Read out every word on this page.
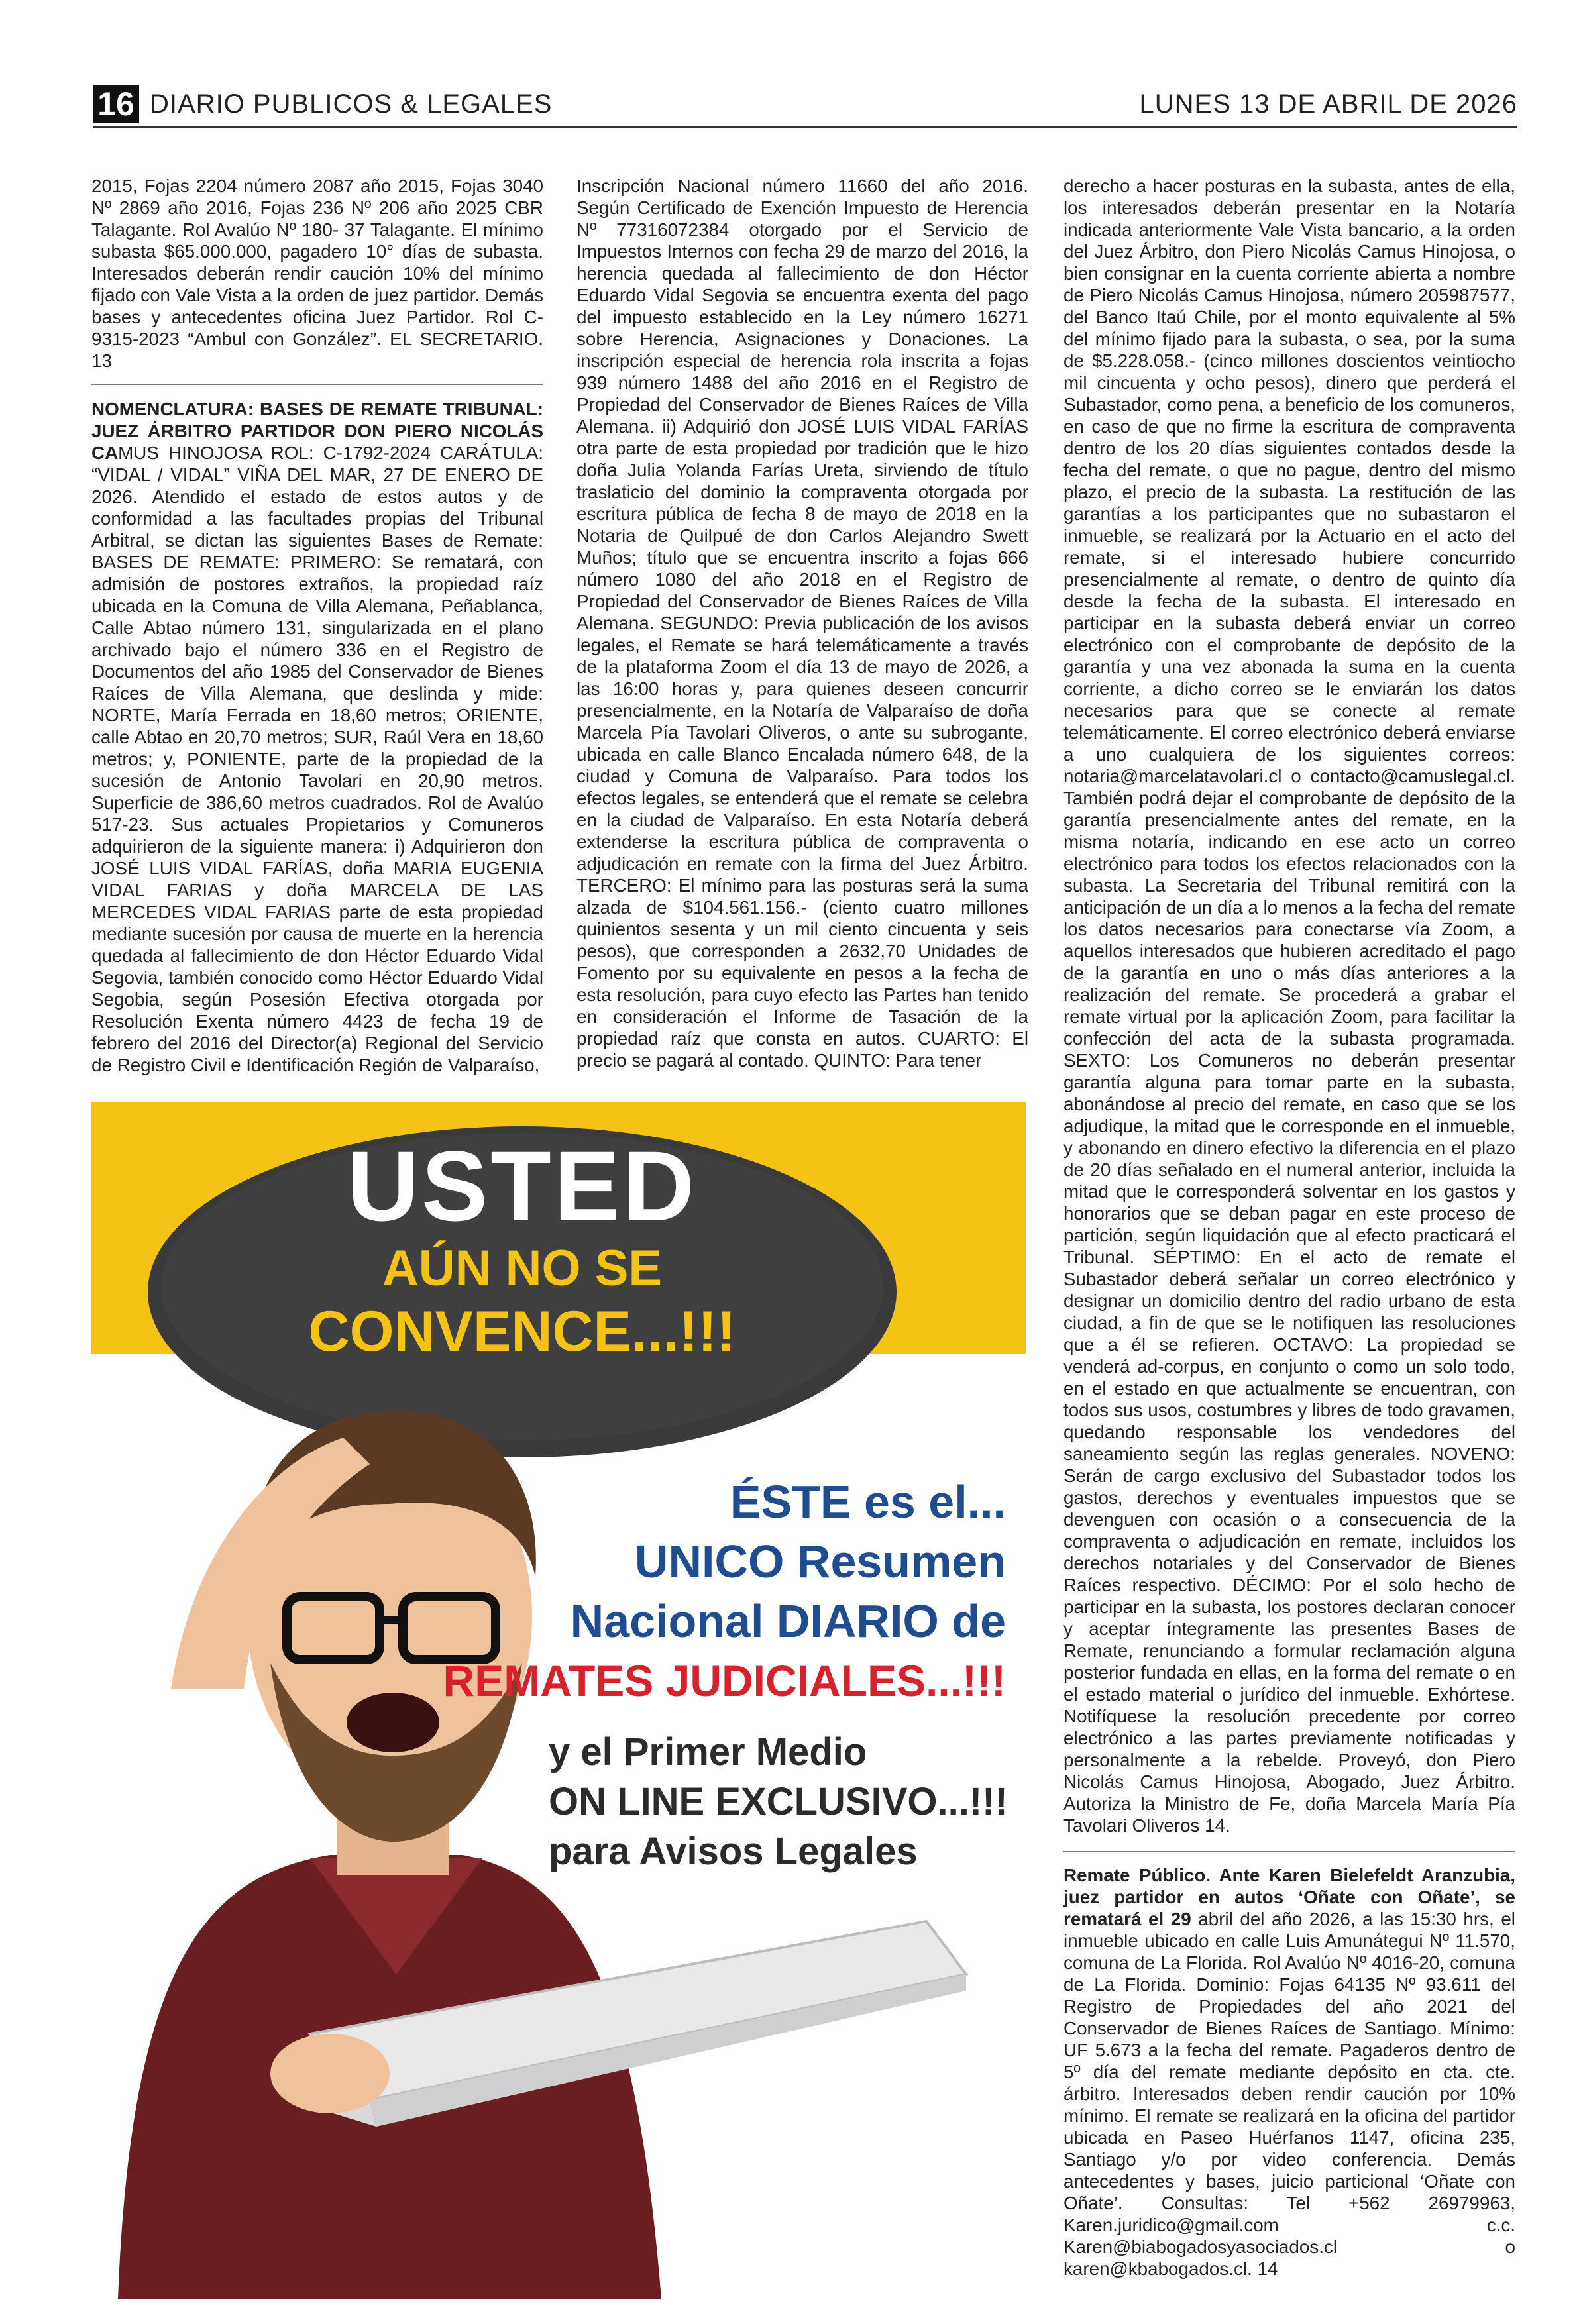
16 DIARIO PUBLICOS & LEGALES	LUNES 13 DE ABRIL DE 2026

2015, Fojas 2204 número 2087 año 2015, Fojas 3040 Nº 2869 año 2016, Fojas 236 Nº 206 año 2025 CBR Talagante. Rol Avalúo Nº 180- 37 Talagante. El mínimo subasta $65.000.000, pagadero 10° días de subasta. Interesados deberán rendir caución 10% del mínimo fijado con Vale Vista a la orden de juez partidor. Demás bases y antecedentes oficina Juez Partidor. Rol C-9315-2023 “Ambul con González”. EL SECRETARIO. 13

NOMENCLATURA: BASES DE REMATE TRIBUNAL: JUEZ ÁRBITRO PARTIDOR DON PIERO NICOLÁS CAMUS HINOJOSA ROL: C-1792-2024 CARÁTULA: “VIDAL / VIDAL” VIÑA DEL MAR, 27 DE ENERO DE 2026. Atendido el estado de estos autos y de conformidad a las facultades propias del Tribunal Arbitral, se dictan las siguientes Bases de Remate: BASES DE REMATE: PRIMERO: Se rematará, con admisión de postores extraños, la propiedad raíz ubicada en la Comuna de Villa Alemana, Peñablanca, Calle Abtao número 131, singularizada en el plano archivado bajo el número 336 en el Registro de Documentos del año 1985 del Conservador de Bienes Raíces de Villa Alemana, que deslinda y mide: NORTE, María Ferrada en 18,60 metros; ORIENTE, calle Abtao en 20,70 metros; SUR, Raúl Vera en 18,60 metros; y, PONIENTE, parte de la propiedad de la sucesión de Antonio Tavolari en 20,90 metros. Superficie de 386,60 metros cuadrados. Rol de Avalúo 517-23. Sus actuales Propietarios y Comuneros adquirieron de la siguiente manera: i) Adquirieron don JOSÉ LUIS VIDAL FARÍAS, doña MARIA EUGENIA VIDAL FARIAS y doña MARCELA DE LAS MERCEDES VIDAL FARIAS parte de esta propiedad mediante sucesión por causa de muerte en la herencia quedada al fallecimiento de don Héctor Eduardo Vidal Segovia, también conocido como Héctor Eduardo Vidal Segobia, según Posesión Efectiva otorgada por Resolución Exenta número 4423 de fecha 19 de febrero del 2016 del Director(a) Regional del Servicio de Registro Civil e Identificación Región de Valparaíso,

Inscripción Nacional número 11660 del año 2016. Según Certificado de Exención Impuesto de Herencia Nº 77316072384 otorgado por el Servicio de Impuestos Internos con fecha 29 de marzo del 2016, la herencia quedada al fallecimiento de don Héctor Eduardo Vidal Segovia se encuentra exenta del pago del impuesto establecido en la Ley número 16271 sobre Herencia, Asignaciones y Donaciones. La inscripción especial de herencia rola inscrita a fojas 939 número 1488 del año 2016 en el Registro de Propiedad del Conservador de Bienes Raíces de Villa Alemana. ii) Adquirió don JOSÉ LUIS VIDAL FARÍAS otra parte de esta propiedad por tradición que le hizo doña Julia Yolanda Farías Ureta, sirviendo de título traslaticio del dominio la compraventa otorgada por escritura pública de fecha 8 de mayo de 2018 en la Notaria de Quilpué de don Carlos Alejandro Swett Muños; título que se encuentra inscrito a fojas 666 número 1080 del año 2018 en el Registro de Propiedad del Conservador de Bienes Raíces de Villa Alemana. SEGUNDO: Previa publicación de los avisos legales, el Remate se hará telemáticamente a través de la plataforma Zoom el día 13 de mayo de 2026, a las 16:00 horas y, para quienes deseen concurrir presencialmente, en la Notaría de Valparaíso de doña Marcela Pía Tavolari Oliveros, o ante su subrogante, ubicada en calle Blanco Encalada número 648, de la ciudad y Comuna de Valparaíso. Para todos los efectos legales, se entenderá que el remate se celebra en la ciudad de Valparaíso. En esta Notaría deberá extenderse la escritura pública de compraventa o adjudicación en remate con la firma del Juez Árbitro. TERCERO: El mínimo para las posturas será la suma alzada de $104.561.156.- (ciento cuatro millones quinientos sesenta y un mil ciento cincuenta y seis pesos), que corresponden a 2632,70 Unidades de Fomento por su equivalente en pesos a la fecha de esta resolución, para cuyo efecto las Partes han tenido en consideración el Informe de Tasación de la propiedad raíz que consta en autos. CUARTO: El precio se pagará al contado. QUINTO: Para tener

derecho a hacer posturas en la subasta, antes de ella, los interesados deberán presentar en la Notaría indicada anteriormente Vale Vista bancario, a la orden del Juez Árbitro, don Piero Nicolás Camus Hinojosa, o bien consignar en la cuenta corriente abierta a nombre de Piero Nicolás Camus Hinojosa, número 205987577, del Banco Itaú Chile, por el monto equivalente al 5% del mínimo fijado para la subasta, o sea, por la suma de $5.228.058.- (cinco millones doscientos veintiocho mil cincuenta y ocho pesos), dinero que perderá el Subastador, como pena, a beneficio de los comuneros, en caso de que no firme la escritura de compraventa dentro de los 20 días siguientes contados desde la fecha del remate, o que no pague, dentro del mismo plazo, el precio de la subasta. La restitución de las garantías a los participantes que no subastaron el inmueble, se realizará por la Actuario en el acto del remate, si el interesado hubiere concurrido presencialmente al remate, o dentro de quinto día desde la fecha de la subasta. El interesado en participar en la subasta deberá enviar un correo electrónico con el comprobante de depósito de la garantía y una vez abonada la suma en la cuenta corriente, a dicho correo se le enviarán los datos necesarios para que se conecte al remate telemáticamente. El correo electrónico deberá enviarse a uno cualquiera de los siguientes correos: notaria@marcelatavolari.cl o contacto@camuslegal.cl. También podrá dejar el comprobante de depósito de la garantía presencialmente antes del remate, en la misma notaría, indicando en ese acto un correo electrónico para todos los efectos relacionados con la subasta. La Secretaria del Tribunal remitirá con la anticipación de un día a lo menos a la fecha del remate los datos necesarios para conectarse vía Zoom, a aquellos interesados que hubieren acreditado el pago de la garantía en uno o más días anteriores a la realización del remate. Se procederá a grabar el remate virtual por la aplicación Zoom, para facilitar la confección del acta de la subasta programada. SEXTO: Los Comuneros no deberán presentar garantía alguna para tomar parte en la subasta, abonándose al precio del remate, en caso que se los adjudique, la mitad que le corresponde en el inmueble, y abonando en dinero efectivo la diferencia en el plazo de 20 días señalado en el numeral anterior, incluida la mitad que le corresponderá solventar en los gastos y honorarios que se deban pagar en este proceso de partición, según liquidación que al efecto practicará el Tribunal. SÉPTIMO: En el acto de remate el Subastador deberá señalar un correo electrónico y designar un domicilio dentro del radio urbano de esta ciudad, a fin de que se le notifiquen las resoluciones que a él se refieren. OCTAVO: La propiedad se venderá ad-corpus, en conjunto o como un solo todo, en el estado en que actualmente se encuentran, con todos sus usos, costumbres y libres de todo gravamen, quedando responsable los vendedores del saneamiento según las reglas generales. NOVENO: Serán de cargo exclusivo del Subastador todos los gastos, derechos y eventuales impuestos que se devenguen con ocasión o a consecuencia de la compraventa o adjudicación en remate, incluidos los derechos notariales y del Conservador de Bienes Raíces respectivo. DÉCIMO: Por el solo hecho de participar en la subasta, los postores declaran conocer y aceptar íntegramente las presentes Bases de Remate, renunciando a formular reclamación alguna posterior fundada en ellas, en la forma del remate o en el estado material o jurídico del inmueble. Exhórtese. Notifíquese la resolución precedente por correo electrónico a las partes previamente notificadas y personalmente a la rebelde. Proveyó, don Piero Nicolás Camus Hinojosa, Abogado, Juez Árbitro. Autoriza la Ministro de Fe, doña Marcela María Pía Tavolari Oliveros 14.

Remate Público. Ante Karen Bielefeldt Aranzubia, juez partidor en autos ‘Oñate con Oñate’, se rematará el 29 abril del año 2026, a las 15:30 hrs, el inmueble ubicado en calle Luis Amunátegui Nº 11.570, comuna de La Florida. Rol Avalúo Nº 4016-20, comuna de La Florida. Dominio: Fojas 64135 Nº 93.611 del Registro de Propiedades del año 2021 del Conservador de Bienes Raíces de Santiago. Mínimo: UF 5.673 a la fecha del remate. Pagaderos dentro de 5º día del remate mediante depósito en cta. cte. árbitro. Interesados deben rendir caución por 10% mínimo. El remate se realizará en la oficina del partidor ubicada en Paseo Huérfanos 1147, oficina 235, Santiago y/o por video conferencia. Demás antecedentes y bases, juicio particional ‘Oñate con Oñate’. Consultas: Tel +562 26979963, Karen.juridico@gmail.com c.c. Karen@biabogadosyasociados.cl o karen@kbabogados.cl. 14

USTED
AÚN NO SE
CONVENCE...!!!
ÉSTE es el...
UNICO Resumen
Nacional DIARIO de
REMATES JUDICIALES...!!!
y el Primer Medio
ON LINE EXCLUSIVO...!!!
para Avisos Legales
